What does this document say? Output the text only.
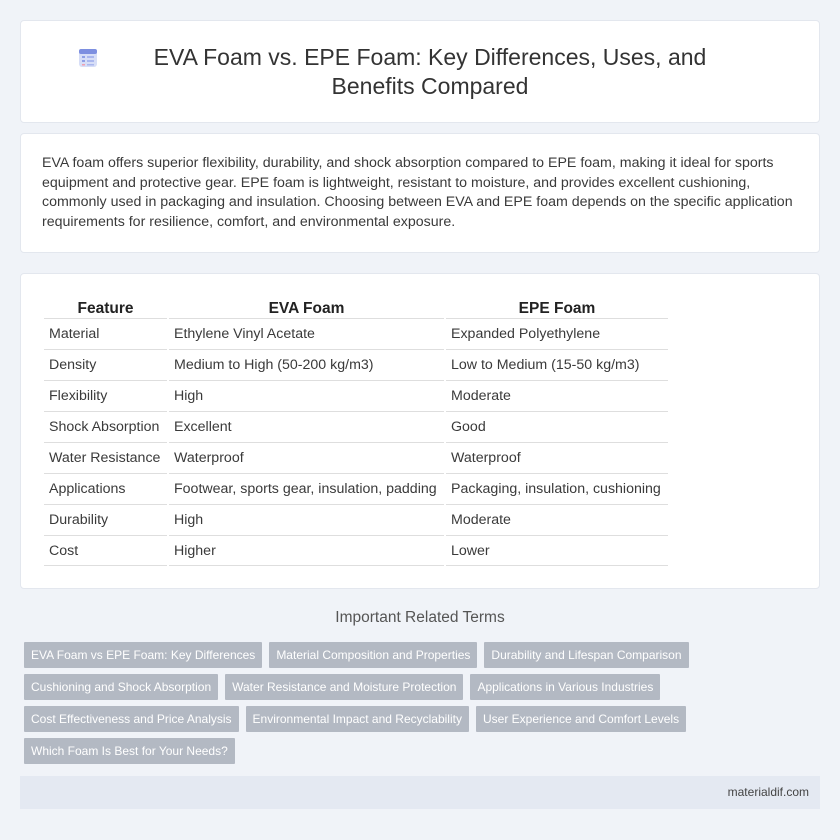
EVA Foam vs. EPE Foam: Key Differences, Uses, and Benefits Compared

EVA foam offers superior flexibility, durability, and shock absorption compared to EPE foam, making it ideal for sports equipment and protective gear. EPE foam is lightweight, resistant to moisture, and provides excellent cushioning, commonly used in packaging and insulation. Choosing between EVA and EPE foam depends on the specific application requirements for resilience, comfort, and environmental exposure.

Feature	EVA Foam	EPE Foam
Material	Ethylene Vinyl Acetate	Expanded Polyethylene
Density	Medium to High (50-200 kg/m3)	Low to Medium (15-50 kg/m3)
Flexibility	High	Moderate
Shock Absorption	Excellent	Good
Water Resistance	Waterproof	Waterproof
Applications	Footwear, sports gear, insulation, padding	Packaging, insulation, cushioning
Durability	High	Moderate
Cost	Higher	Lower
Important Related Terms
EVA Foam vs EPE Foam: Key Differences	Material Composition and Properties	Durability and Lifespan Comparison
Cushioning and Shock Absorption	Water Resistance and Moisture Protection	Applications in Various Industries
Cost Effectiveness and Price Analysis	Environmental Impact and Recyclability	User Experience and Comfort Levels
Which Foam Is Best for Your Needs?
materialdif.com
